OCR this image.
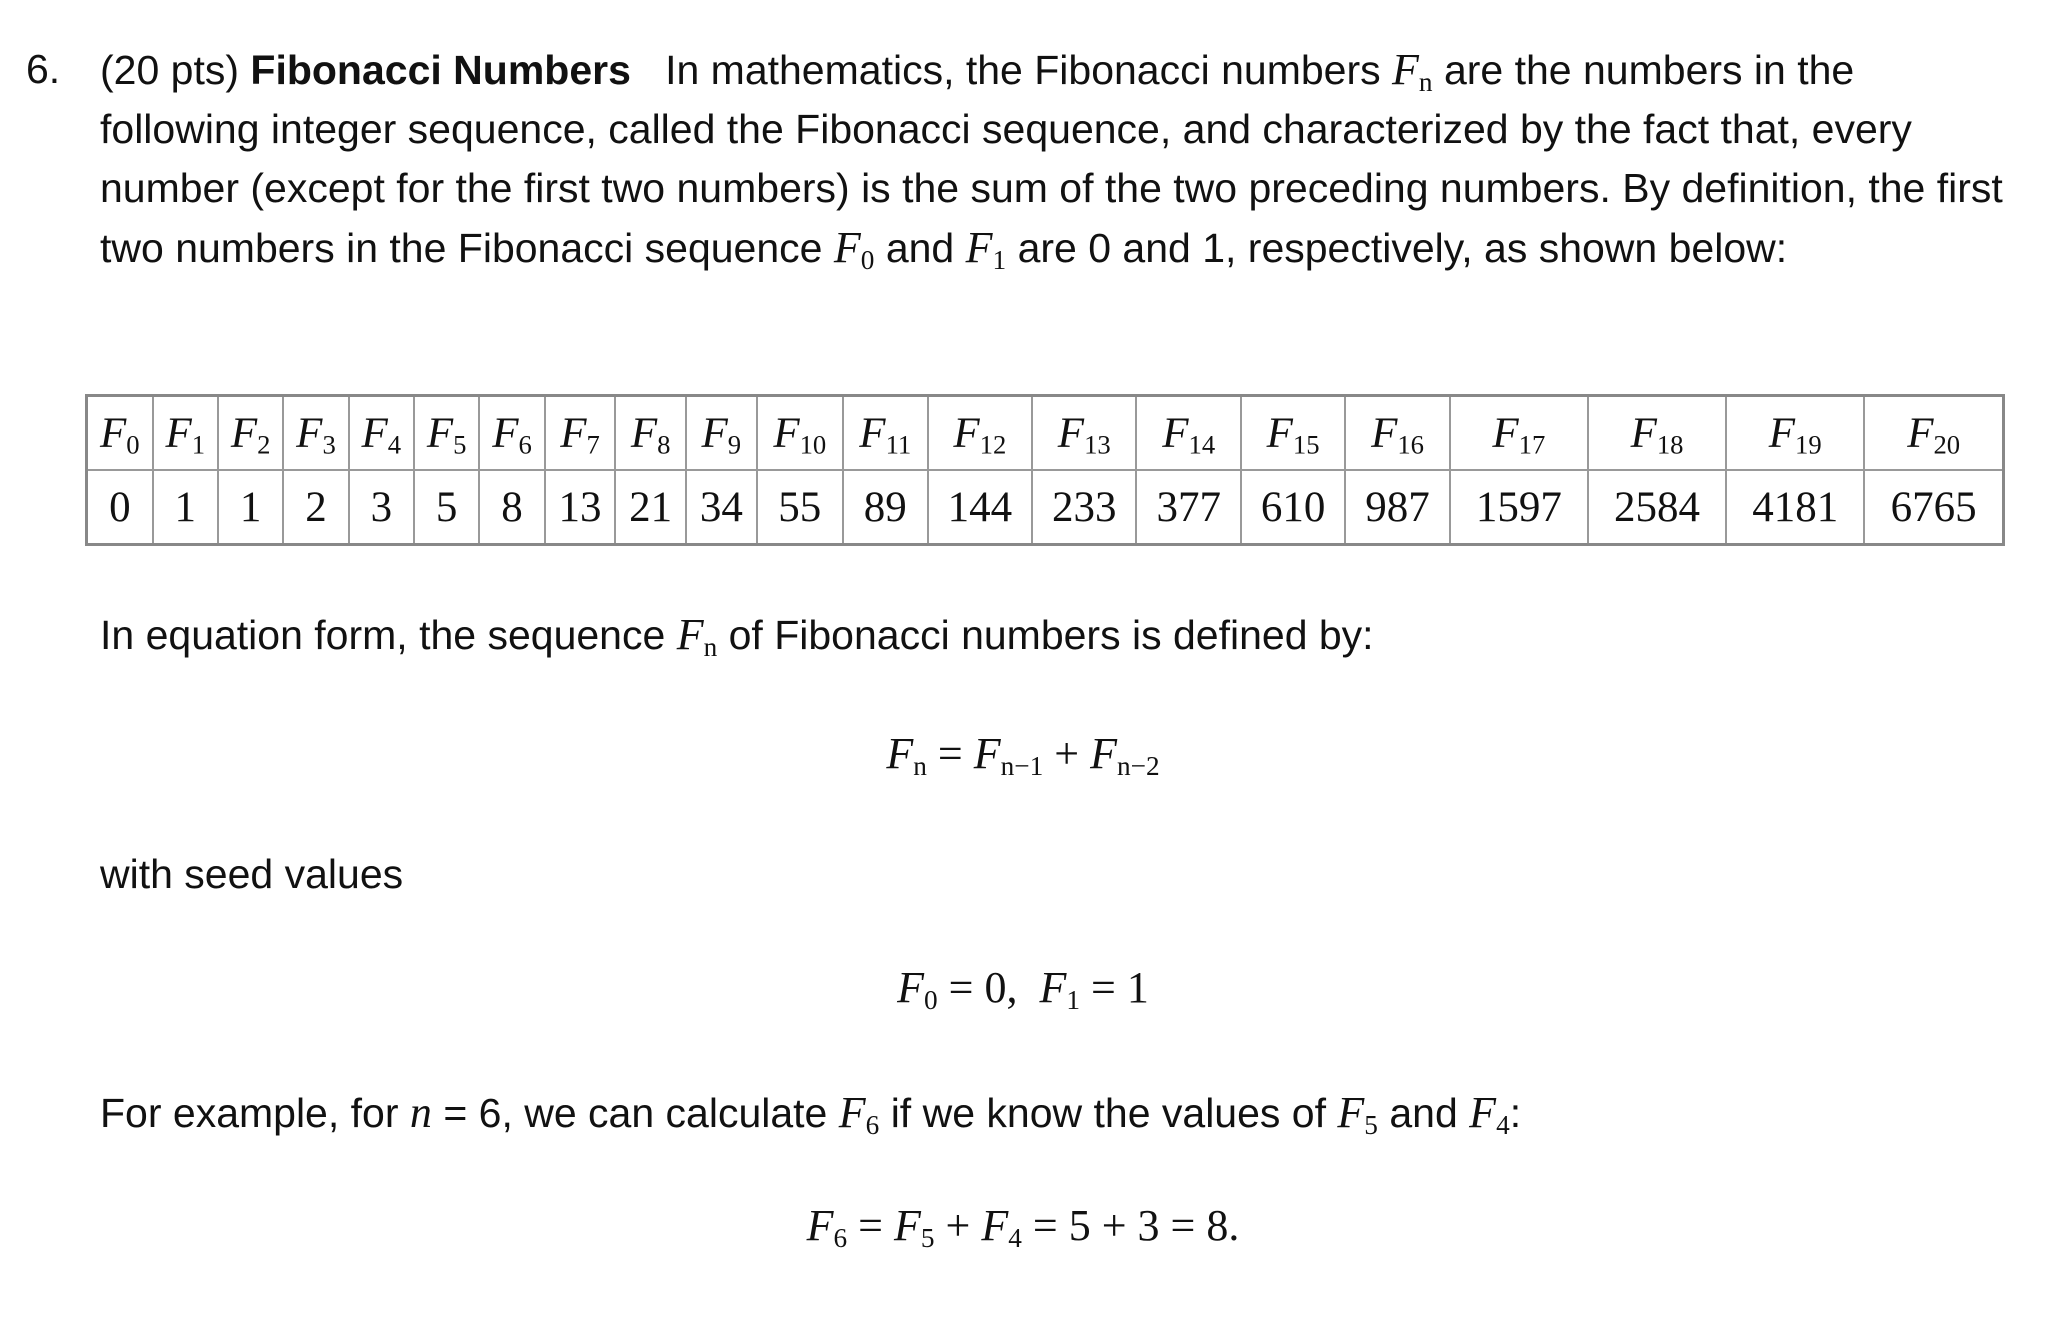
6. (20 pts) Fibonacci Numbers In mathematics, the Fibonacci numbers $F_n$ are the numbers in the following integer sequence, called the Fibonacci sequence, and characterized by the fact that, every number (except for the first two numbers) is the sum of the two preceding numbers. By definition, the first two numbers in the Fibonacci sequence $F_0$ and $F_1$ are 0 and 1, respectively, as shown below:
$F_0$	$F_1$	$F_2$	$F_3$	$F_4$	$F_5$	$F_6$	$F_7$	$F_8$	$F_9$	$F_{10}$	$F_{11}$	$F_{12}$	$F_{13}$	$F_{14}$	$F_{15}$	$F_{16}$	$F_{17}$	$F_{18}$	$F_{19}$	$F_{20}$
0	1	1	2	3	5	8	13	21	34	55	89	144	233	377	610	987	1597	2584	4181	6765
In equation form, the sequence $F_n$ of Fibonacci numbers is defined by:
$F_n = F_{n-1} + F_{n-2}$
with seed values
$F_0 = 0$, $F_1 = 1$
For example, for n = 6, we can calculate $F_6$ if we know the values of $F_5$ and $F_4$:
$F_6 = F_5 + F_4 = 5 + 3 = 8$.
